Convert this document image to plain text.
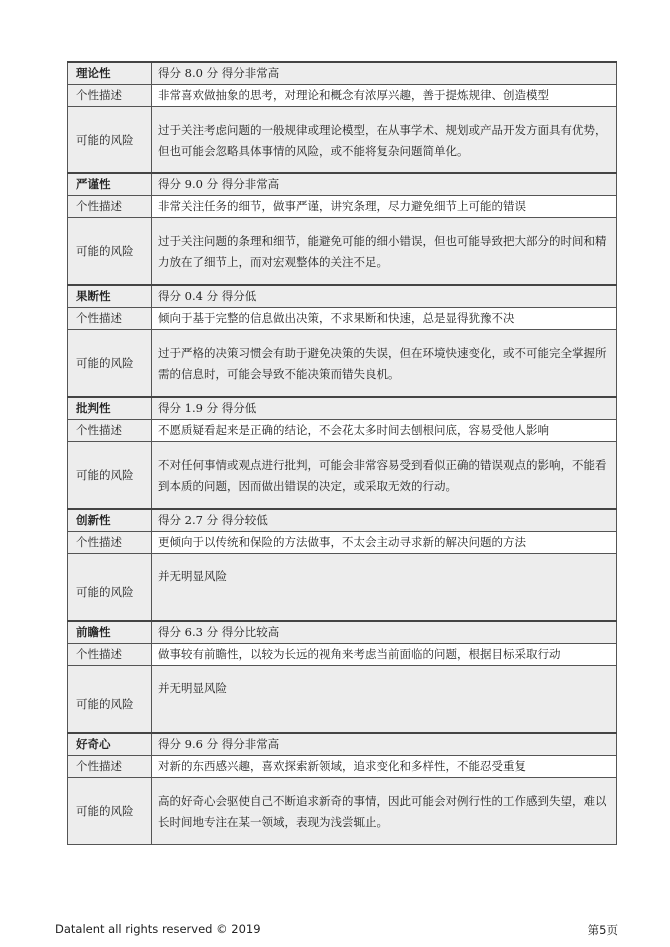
理论性	得分 8.0 分 得分非常高
个性描述	非常喜欢做抽象的思考，对理论和概念有浓厚兴趣，善于提炼规律、创造模型
可能的风险	过于关注考虑问题的一般规律或理论模型，在从事学术、规划或产品开发方面具有优势，但也可能会忽略具体事情的风险，或不能将复杂问题简单化。
严谨性	得分 9.0 分 得分非常高
个性描述	非常关注任务的细节，做事严谨，讲究条理，尽力避免细节上可能的错误
可能的风险	过于关注问题的条理和细节，能避免可能的细小错误，但也可能导致把大部分的时间和精力放在了细节上，而对宏观整体的关注不足。
果断性	得分 0.4 分 得分低
个性描述	倾向于基于完整的信息做出决策，不求果断和快速，总是显得犹豫不决
可能的风险	过于严格的决策习惯会有助于避免决策的失误，但在环境快速变化，或不可能完全掌握所需的信息时，可能会导致不能决策而错失良机。
批判性	得分 1.9 分 得分低
个性描述	不愿质疑看起来是正确的结论，不会花太多时间去刨根问底，容易受他人影响
可能的风险	不对任何事情或观点进行批判，可能会非常容易受到看似正确的错误观点的影响，不能看到本质的问题，因而做出错误的决定，或采取无效的行动。
创新性	得分 2.7 分 得分较低
个性描述	更倾向于以传统和保险的方法做事，不太会主动寻求新的解决问题的方法
可能的风险	并无明显风险
前瞻性	得分 6.3 分 得分比较高
个性描述	做事较有前瞻性，以较为长远的视角来考虑当前面临的问题，根据目标采取行动
可能的风险	并无明显风险
好奇心	得分 9.6 分 得分非常高
个性描述	对新的东西感兴趣，喜欢探索新领域，追求变化和多样性，不能忍受重复
可能的风险	高的好奇心会驱使自己不断追求新奇的事情，因此可能会对例行性的工作感到失望，难以长时间地专注在某一领域，表现为浅尝辄止。
Datalent all rights reserved © 2019	第5页
